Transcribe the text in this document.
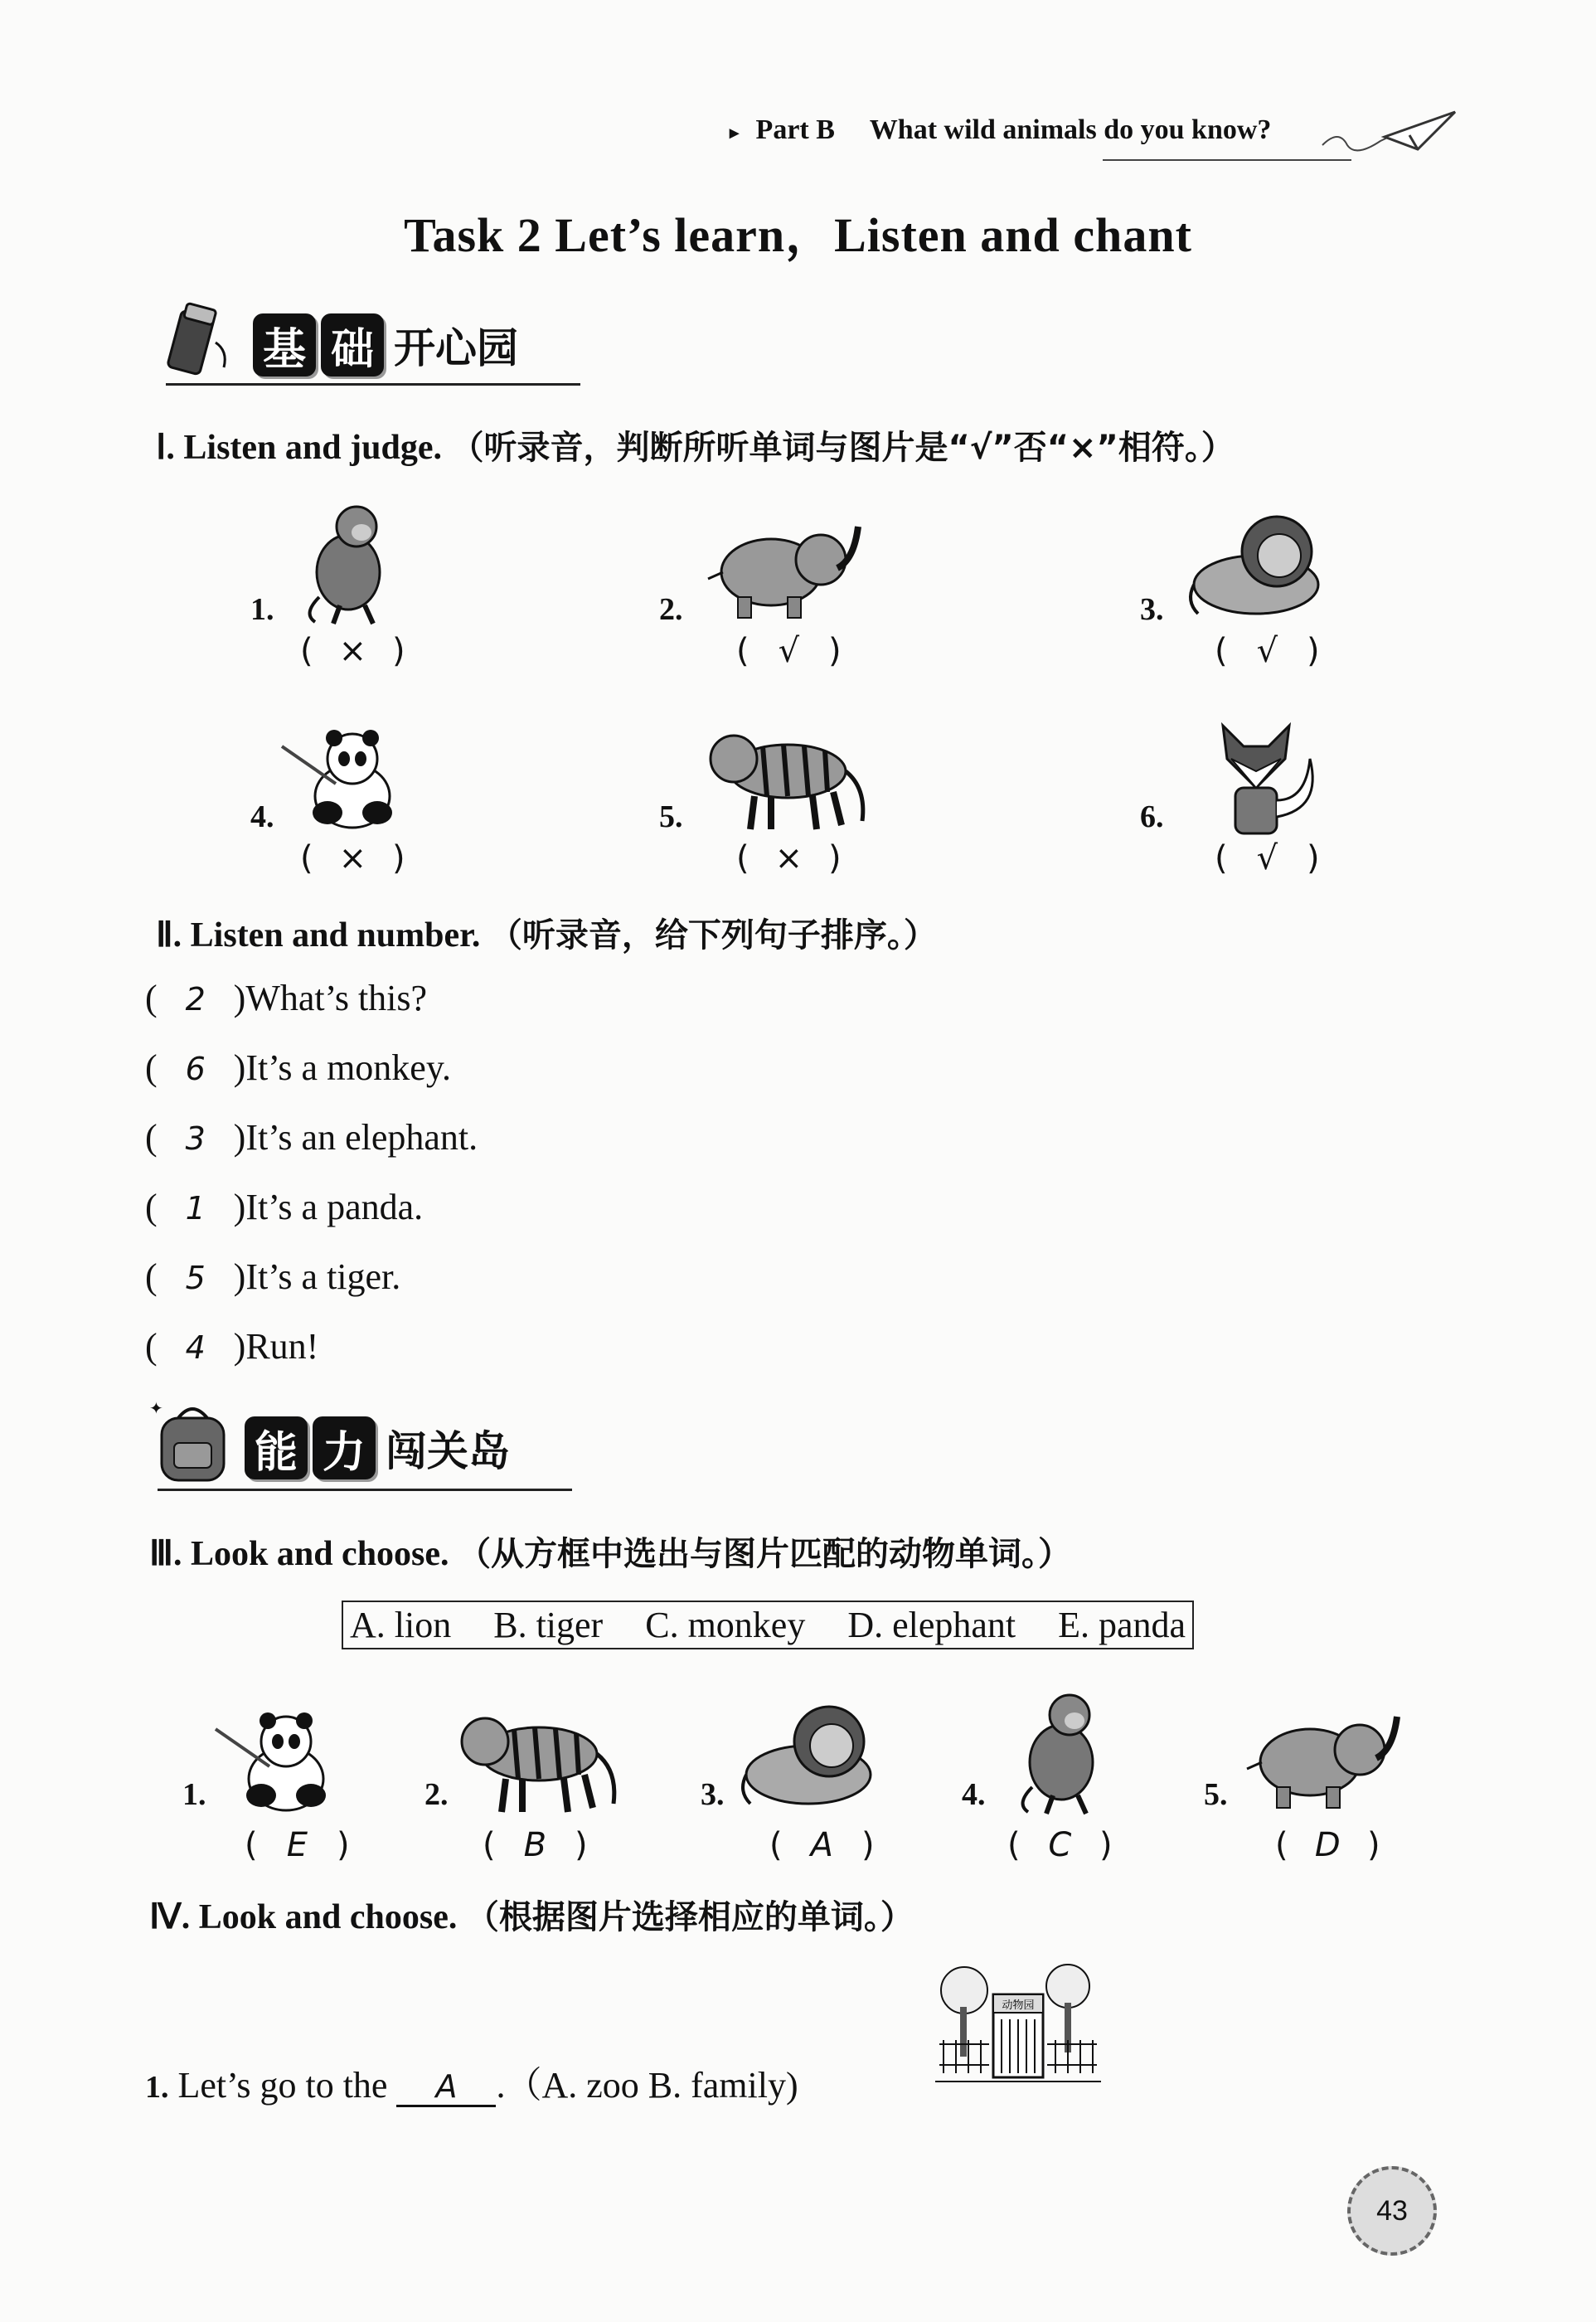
▸ Part B What wild animals do you know?
Task 2 Let’s learn，Listen and chant
基 础 开心园
Ⅰ. Listen and judge. （听录音，判断所听单词与图片是“√”否“×”相符。）
1.
( × )
2.
( √ )
3.
( √ )
4.
( × )
5.
( × )
6.
( √ )
Ⅱ. Listen and number. （听录音，给下列句子排序。）
( 2 )What’s this?
( 6 )It’s a monkey.
( 3 )It’s an elephant.
( 1 )It’s a panda.
( 5 )It’s a tiger.
( 4 )Run!
✦
能 力 闯关岛
Ⅲ. Look and choose. （从方框中选出与图片匹配的动物单词。）
A. lion B. tiger C. monkey D. elephant E. panda
1.
( E )
2.
( B )
3.
( A )
4.
( C )
5.
( D )
Ⅳ. Look and choose. （根据图片选择相应的单词。）
1. Let’s go to the A .（A. zoo B. family)
动物园
43
